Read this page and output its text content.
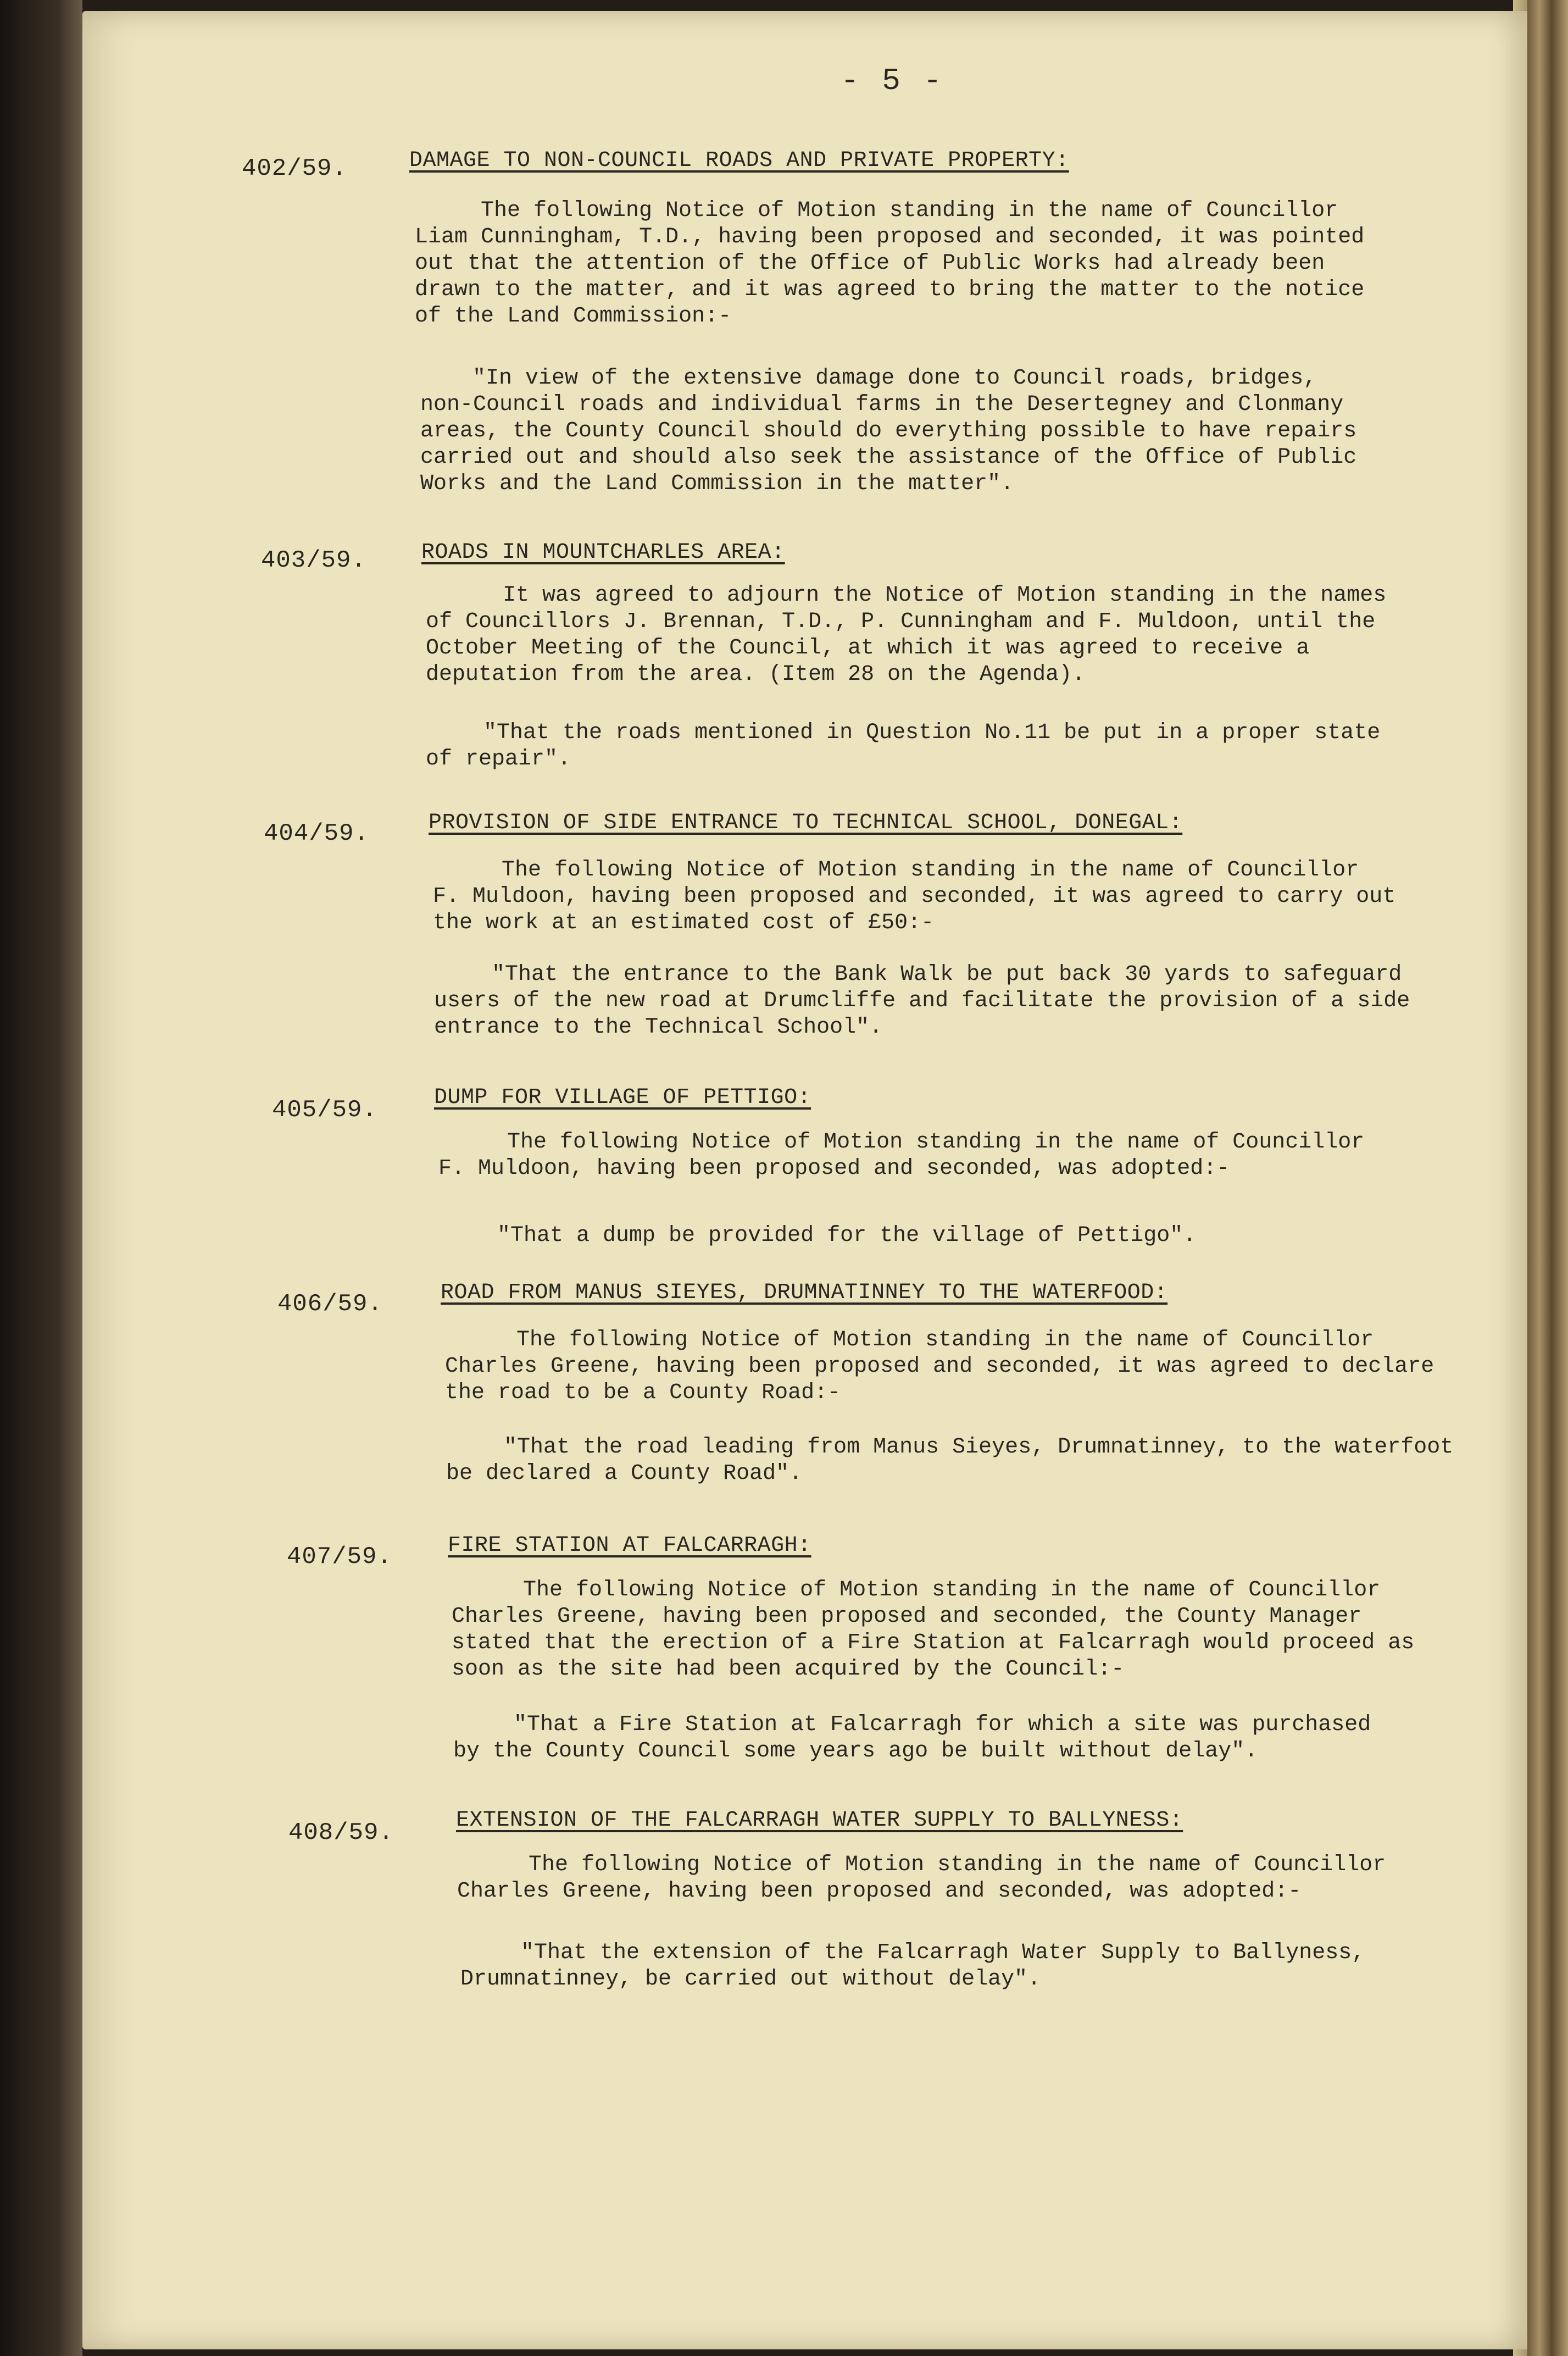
- 5 -
402/59.	DAMAGE TO NON-COUNCIL ROADS AND PRIVATE PROPERTY:
The following Notice of Motion standing in the name of Councillor
Liam Cunningham, T.D., having been proposed and seconded, it was pointed
out that the attention of the Office of Public Works had already been
drawn to the matter, and it was agreed to bring the matter to the notice
of the Land Commission:-
"In view of the extensive damage done to Council roads, bridges,
non-Council roads and individual farms in the Desertegney and Clonmany
areas, the County Council should do everything possible to have repairs
carried out and should also seek the assistance of the Office of Public
Works and the Land Commission in the matter".
403/59.	ROADS IN MOUNTCHARLES AREA:
It was agreed to adjourn the Notice of Motion standing in the names
of Councillors J. Brennan, T.D., P. Cunningham and F. Muldoon, until the
October Meeting of the Council, at which it was agreed to receive a
deputation from the area. (Item 28 on the Agenda).
"That the roads mentioned in Question No.11 be put in a proper state
of repair".
404/59.	PROVISION OF SIDE ENTRANCE TO TECHNICAL SCHOOL, DONEGAL:
The following Notice of Motion standing in the name of Councillor
F. Muldoon, having been proposed and seconded, it was agreed to carry out
the work at an estimated cost of £50:-
"That the entrance to the Bank Walk be put back 30 yards to safeguard
users of the new road at Drumcliffe and facilitate the provision of a side
entrance to the Technical School".
405/59.	DUMP FOR VILLAGE OF PETTIGO:
The following Notice of Motion standing in the name of Councillor
F. Muldoon, having been proposed and seconded, was adopted:-
"That a dump be provided for the village of Pettigo".
406/59.	ROAD FROM MANUS SIEYES, DRUMNATINNEY TO THE WATERFOOD:
The following Notice of Motion standing in the name of Councillor
Charles Greene, having been proposed and seconded, it was agreed to declare
the road to be a County Road:-
"That the road leading from Manus Sieyes, Drumnatinney, to the waterfoot
be declared a County Road".
407/59.	FIRE STATION AT FALCARRAGH:
The following Notice of Motion standing in the name of Councillor
Charles Greene, having been proposed and seconded, the County Manager
stated that the erection of a Fire Station at Falcarragh would proceed as
soon as the site had been acquired by the Council:-
"That a Fire Station at Falcarragh for which a site was purchased
by the County Council some years ago be built without delay".
408/59.	EXTENSION OF THE FALCARRAGH WATER SUPPLY TO BALLYNESS:
The following Notice of Motion standing in the name of Councillor
Charles Greene, having been proposed and seconded, was adopted:-
"That the extension of the Falcarragh Water Supply to Ballyness,
Drumnatinney, be carried out without delay".
